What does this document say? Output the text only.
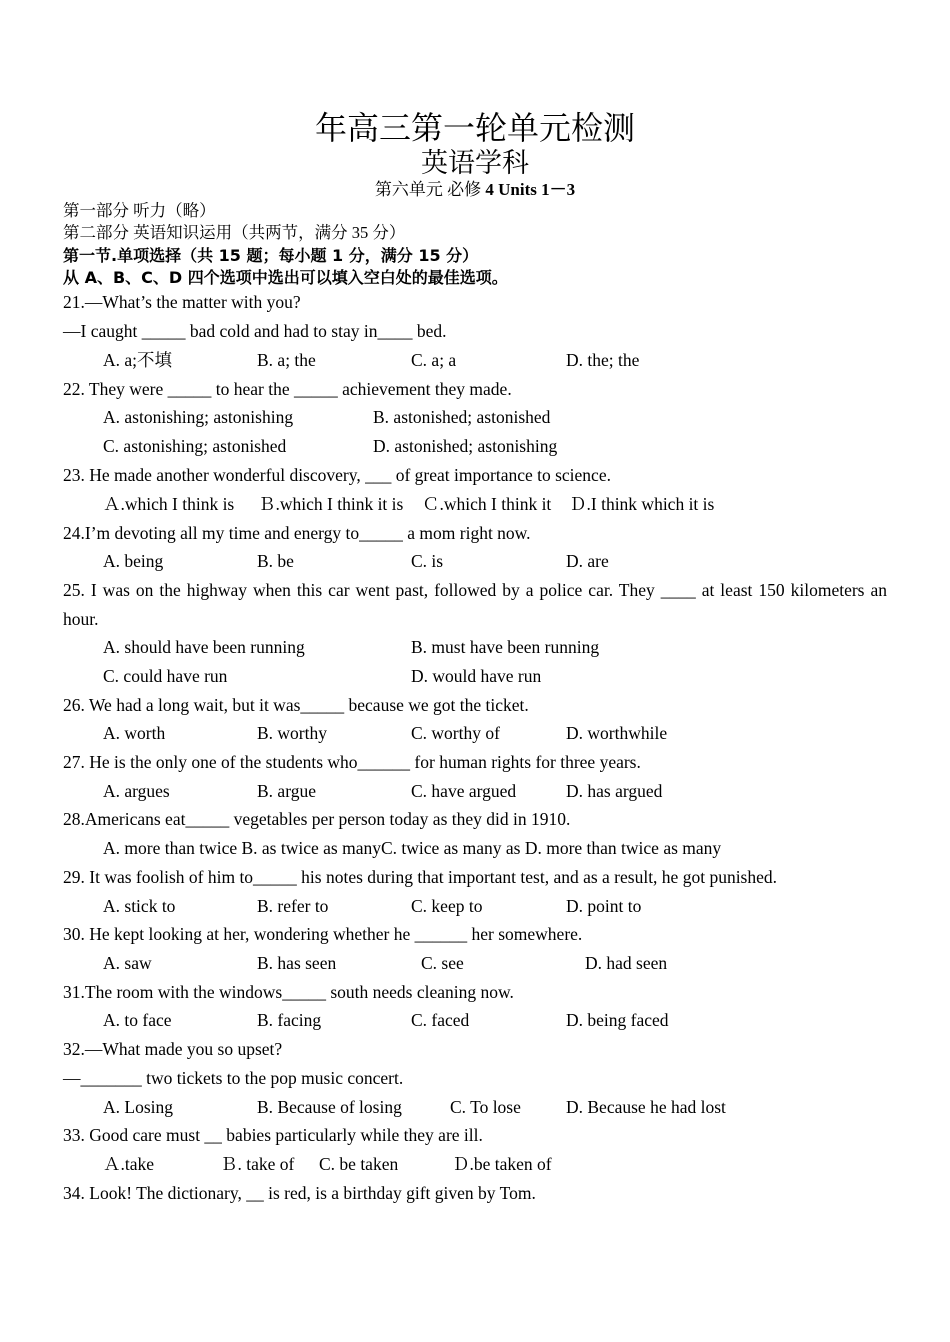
年高三第一轮单元检测
英语学科
第六单元 必修 4 Units 1－3
第一部分 听力（略）
第二部分 英语知识运用（共两节，满分 35 分）
第一节.单项选择（共 15 题；每小题 1 分，满分 15 分）
从 A、B、C、D 四个选项中选出可以填入空白处的最佳选项。
21.—What’s the matter with you?
—I caught _____ bad cold and had to stay in____ bed.
A. a;不填	B. a; the	C. a; a	D. the; the
22. They were _____ to hear the _____ achievement they made.
A. astonishing; astonishing	B. astonished; astonished
C. astonishing; astonished	D. astonished; astonishing
23. He made another wonderful discovery, ___ of great importance to science.
Ａ.which I think is Ｂ.which I think it is Ｃ.which I think it Ｄ.I think which it is
24.I’m devoting all my time and energy to_____ a mom right now.
A. being	B. be	C. is	D. are
25. I was on the highway when this car went past, followed by a police car. They ____ at least 150 kilometers an hour.
A. should have been running	B. must have been running
C. could have run	D. would have run
26. We had a long wait, but it was_____ because we got the ticket.
A. worth	B. worthy	C. worthy of	D. worthwhile
27. He is the only one of the students who______ for human rights for three years.
A. argues	B. argue	C. have argued	D. has argued
28.Americans eat_____ vegetables per person today as they did in 1910.
A. more than twice B. as twice as manyC. twice as many as D. more than twice as many
29. It was foolish of him to_____ his notes during that important test, and as a result, he got punished.
A. stick to	B. refer to	C. keep to	D. point to
30. He kept looking at her, wondering whether he ______ her somewhere.
A. saw	B. has seen	C. see	D. had seen
31.The room with the windows_____ south needs cleaning now.
A. to face	B. facing	C. faced	D. being faced
32.—What made you so upset?
—_______ two tickets to the pop music concert.
A. Losing	B. Because of losing	C. To lose	D. Because he had lost
33. Good care must __ babies particularly while they are ill.
Ａ.take	Ｂ. take of C. be taken	Ｄ.be taken of
34. Look! The dictionary, __ is red, is a birthday gift given by Tom.
